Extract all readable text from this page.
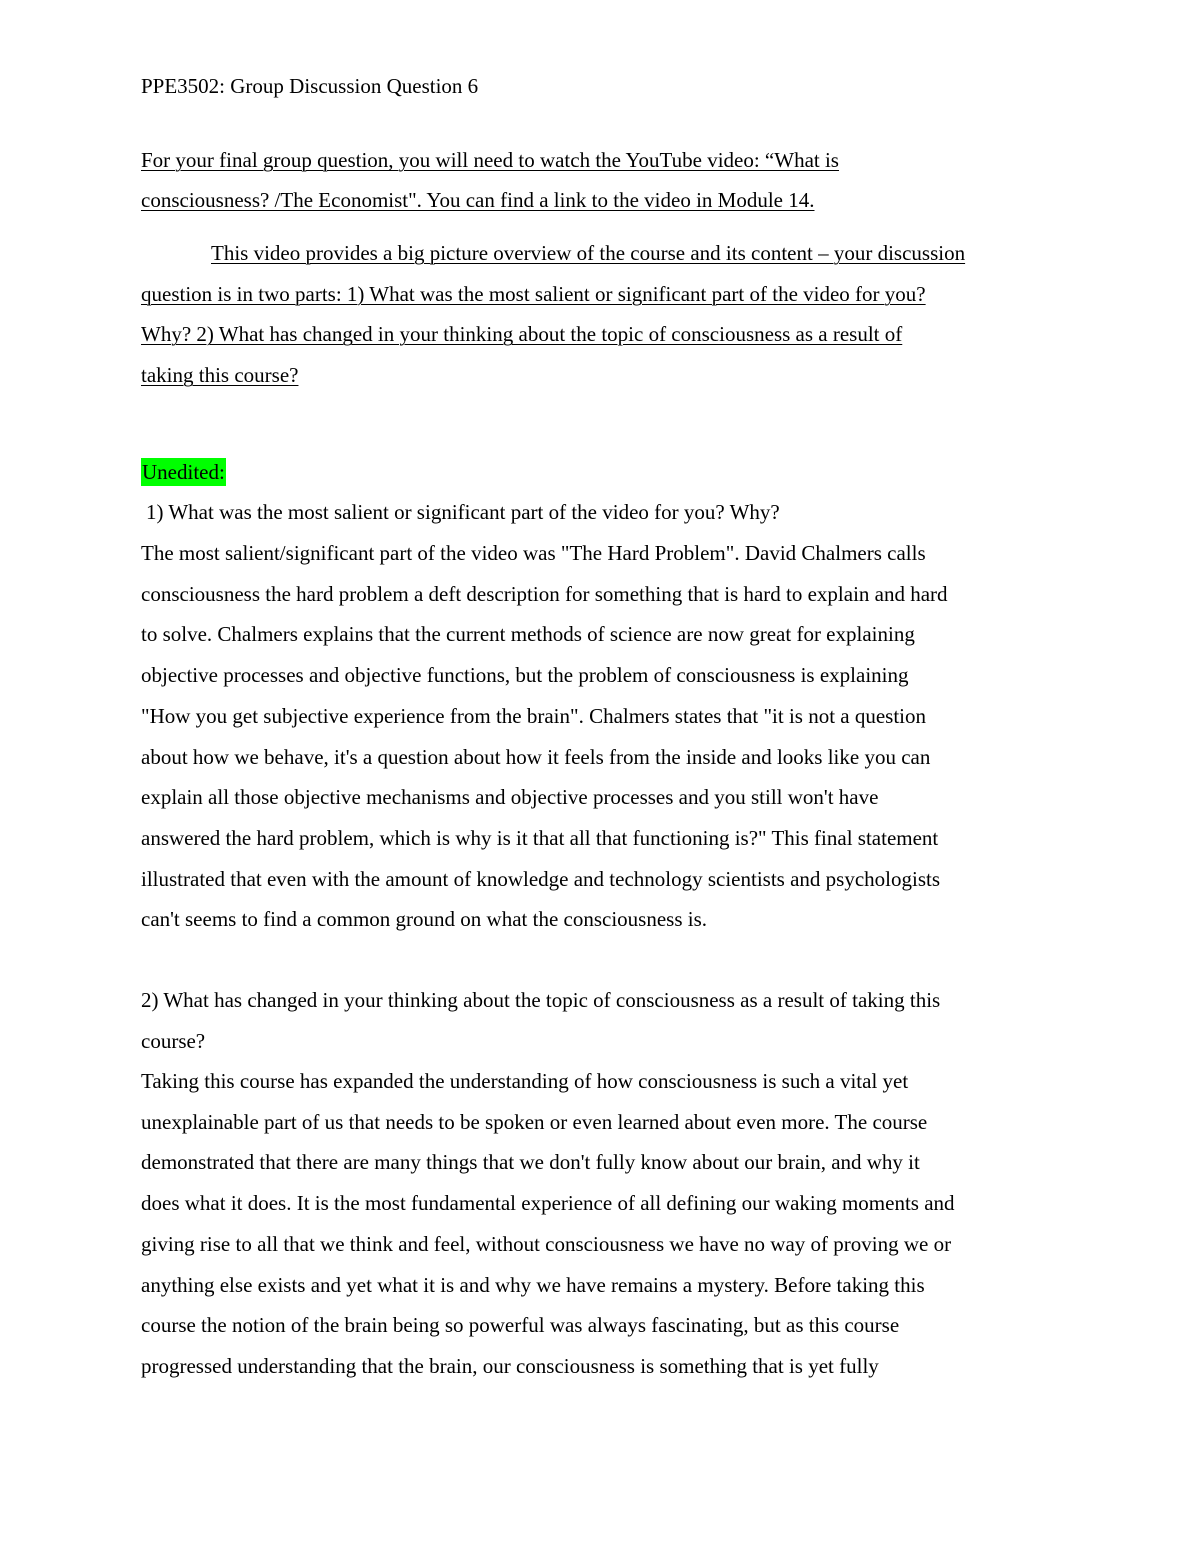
PPE3502: Group Discussion Question 6

For your final group question, you will need to watch the YouTube video: “What is
consciousness? /The Economist". You can find a link to the video in Module 14.

This video provides a big picture overview of the course and its content – your discussion
question is in two parts: 1) What was the most salient or significant part of the video for you?
Why? 2) What has changed in your thinking about the topic of consciousness as a result of
taking this course?

Unedited:

1) What was the most salient or significant part of the video for you? Why?

The most salient/significant part of the video was "The Hard Problem". David Chalmers calls
consciousness the hard problem a deft description for something that is hard to explain and hard
to solve. Chalmers explains that the current methods of science are now great for explaining
objective processes and objective functions, but the problem of consciousness is explaining
"How you get subjective experience from the brain". Chalmers states that "it is not a question
about how we behave, it's a question about how it feels from the inside and looks like you can
explain all those objective mechanisms and objective processes and you still won't have
answered the hard problem, which is why is it that all that functioning is?" This final statement
illustrated that even with the amount of knowledge and technology scientists and psychologists
can't seems to find a common ground on what the consciousness is.

2) What has changed in your thinking about the topic of consciousness as a result of taking this
course?

Taking this course has expanded the understanding of how consciousness is such a vital yet
unexplainable part of us that needs to be spoken or even learned about even more. The course
demonstrated that there are many things that we don't fully know about our brain, and why it
does what it does. It is the most fundamental experience of all defining our waking moments and
giving rise to all that we think and feel, without consciousness we have no way of proving we or
anything else exists and yet what it is and why we have remains a mystery. Before taking this
course the notion of the brain being so powerful was always fascinating, but as this course
progressed understanding that the brain, our consciousness is something that is yet fully
